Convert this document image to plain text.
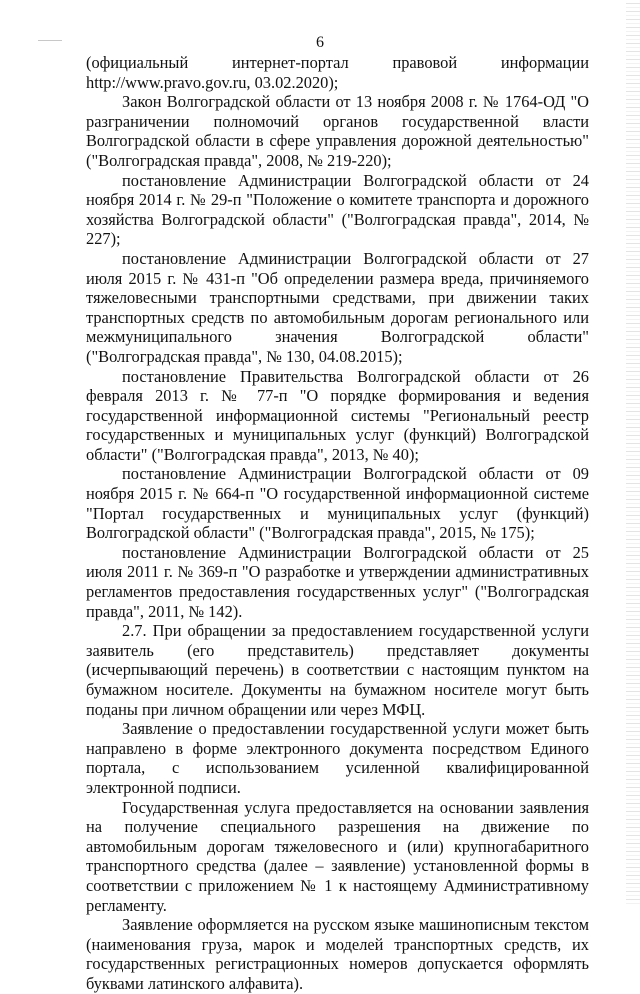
6

(официальный интернет-портал правовой информации http://www.pravo.gov.ru, 03.02.2020);

Закон Волгоградской области от 13 ноября 2008 г. № 1764-ОД "О разграничении полномочий органов государственной власти Волгоградской области в сфере управления дорожной деятельностью" ("Волгоградская правда", 2008, № 219-220);

постановление Администрации Волгоградской области от 24 ноября 2014 г. № 29-п "Положение о комитете транспорта и дорожного хозяйства Волгоградской области" ("Волгоградская правда", 2014, № 227);

постановление Администрации Волгоградской области от 27 июля 2015 г. № 431-п "Об определении размера вреда, причиняемого тяжеловесными транспортными средствами, при движении таких транспортных средств по автомобильным дорогам регионального или межмуниципального значения Волгоградской области" ("Волгоградская правда", № 130, 04.08.2015);

постановление Правительства Волгоградской области от 26 февраля 2013 г. № 77-п "О порядке формирования и ведения государственной информационной системы "Региональный реестр государственных и муниципальных услуг (функций) Волгоградской области" ("Волгоградская правда", 2013, № 40);

постановление Администрации Волгоградской области от 09 ноября 2015 г. № 664-п "О государственной информационной системе "Портал государственных и муниципальных услуг (функций) Волгоградской области" ("Волгоградская правда", 2015, № 175);

постановление Администрации Волгоградской области от 25 июля 2011 г. № 369-п "О разработке и утверждении административных регламентов предоставления государственных услуг" ("Волгоградская правда", 2011, № 142).

2.7. При обращении за предоставлением государственной услуги заявитель (его представитель) представляет документы (исчерпывающий перечень) в соответствии с настоящим пунктом на бумажном носителе. Документы на бумажном носителе могут быть поданы при личном обращении или через МФЦ.

Заявление о предоставлении государственной услуги может быть направлено в форме электронного документа посредством Единого портала, с использованием усиленной квалифицированной электронной подписи.

Государственная услуга предоставляется на основании заявления на получение специального разрешения на движение по автомобильным дорогам тяжеловесного и (или) крупногабаритного транспортного средства (далее – заявление) установленной формы в соответствии с приложением № 1 к настоящему Административному регламенту.

Заявление оформляется на русском языке машинописным текстом (наименования груза, марок и моделей транспортных средств, их государственных регистрационных номеров допускается оформлять буквами латинского алфавита).
